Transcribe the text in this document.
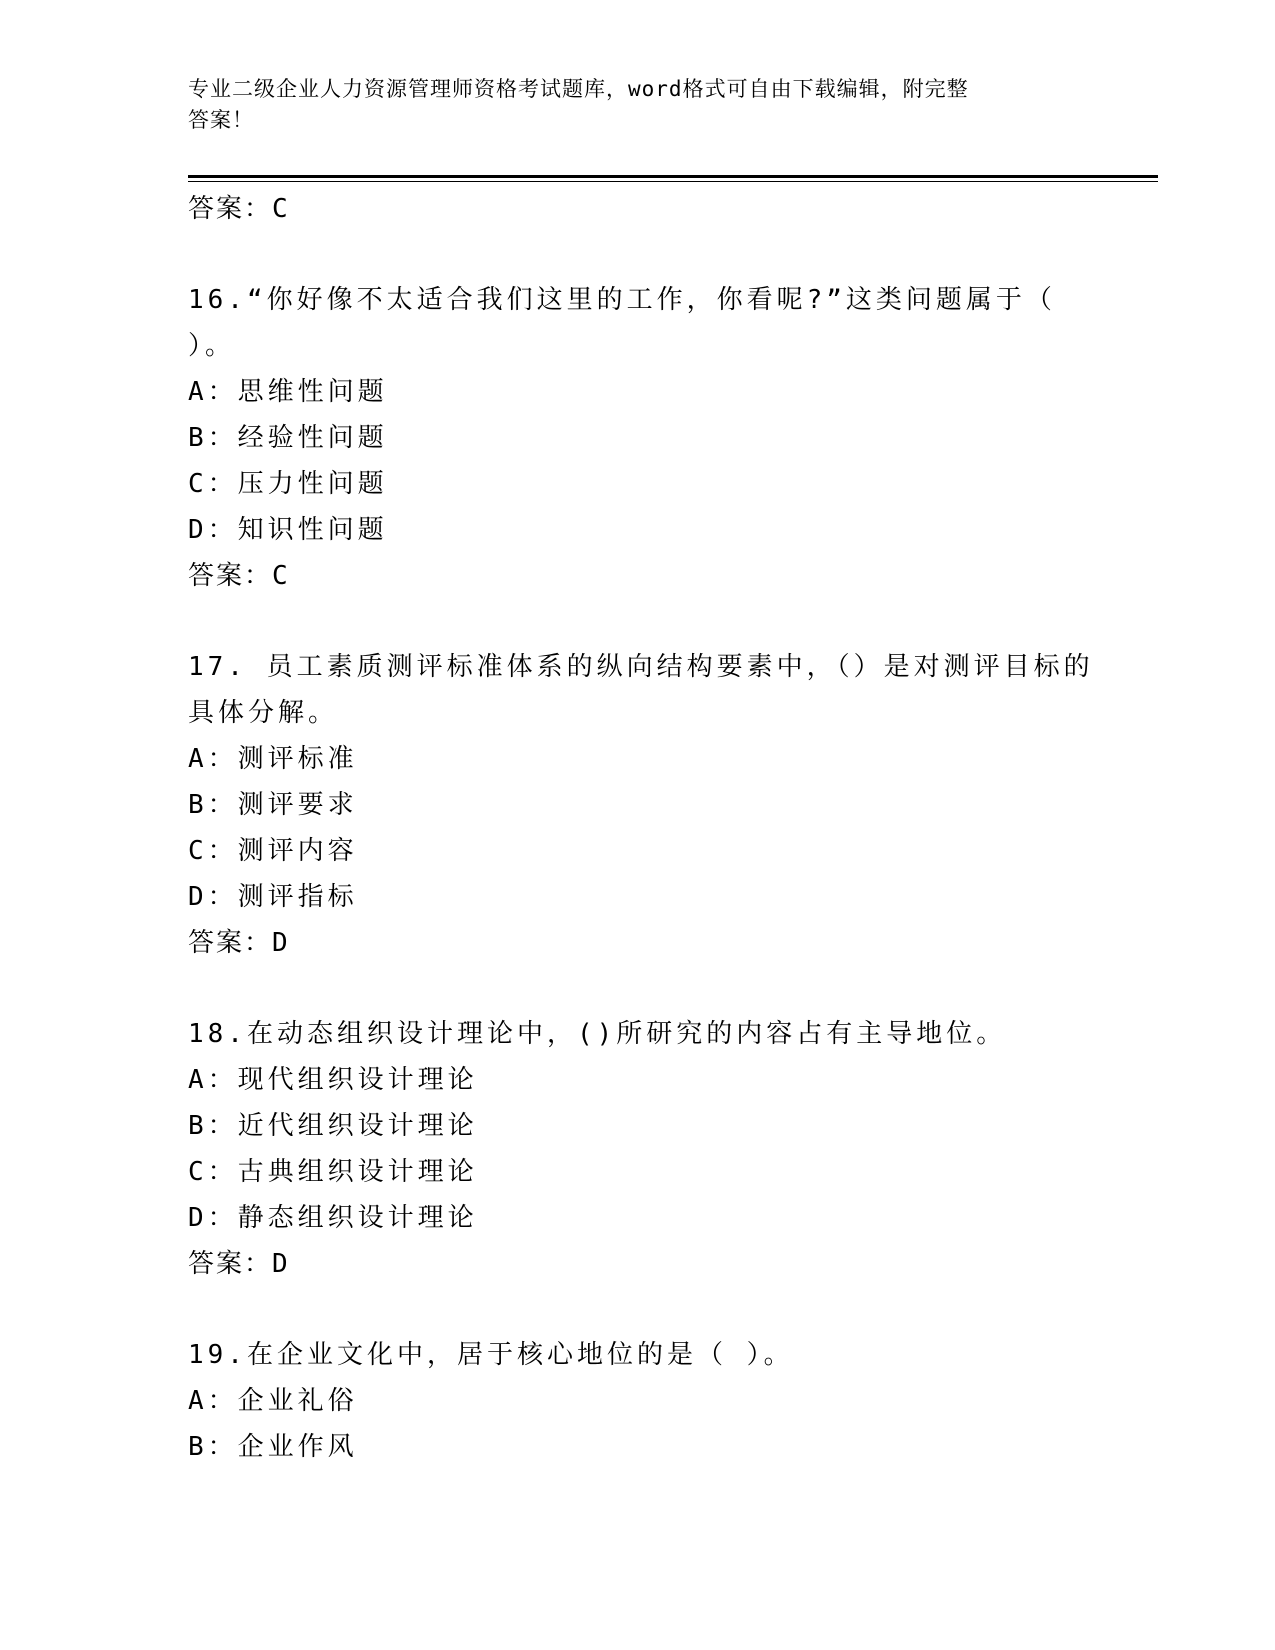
专业二级企业人力资源管理师资格考试题库，word格式可自由下载编辑，附完整
答案！
答案：C
16.“你好像不太适合我们这里的工作，你看呢?”这类问题属于（
）。
A：思维性问题
B：经验性问题
C：压力性问题
D：知识性问题
答案：C
17. 员工素质测评标准体系的纵向结构要素中，（）是对测评目标的
具体分解。
A：测评标准
B：测评要求
C：测评内容
D：测评指标
答案：D
18.在动态组织设计理论中，()所研究的内容占有主导地位。
A：现代组织设计理论
B：近代组织设计理论
C：古典组织设计理论
D：静态组织设计理论
答案：D
19.在企业文化中，居于核心地位的是（ ）。
A：企业礼俗
B：企业作风
